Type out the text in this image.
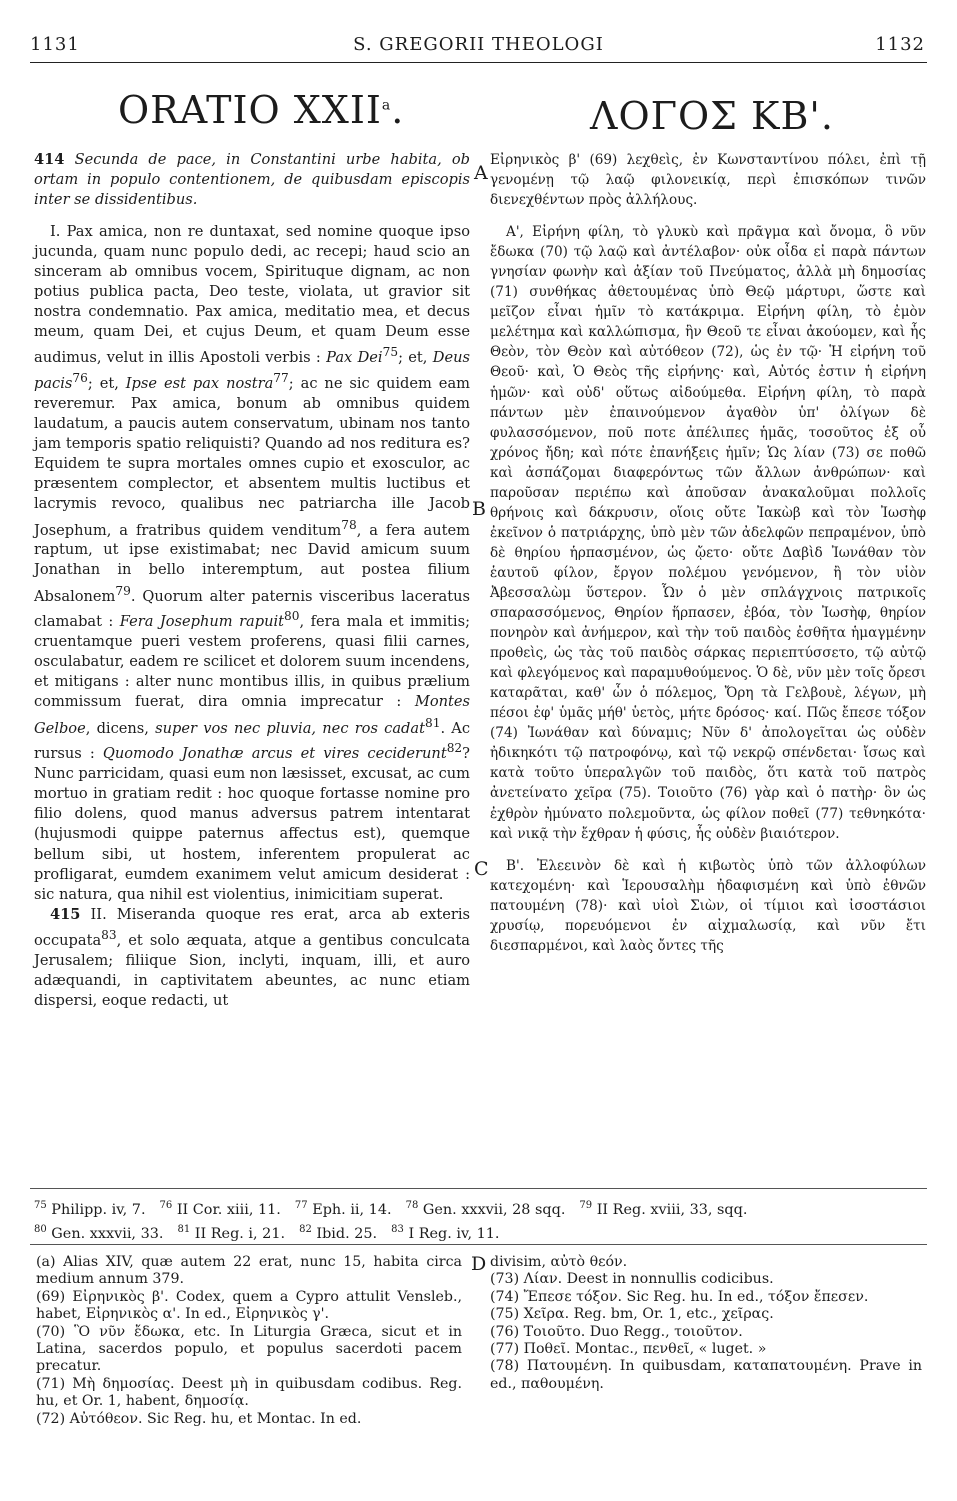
1131	S. GREGORII THEOLOGI	1132
ORATIO XXII$^a$.	ΛΟΓΟΣ ΚΒ'.
A
B
C
D

414 Secunda de pace, in Constantini urbe habita, ob ortam in populo contentionem, de quibusdam episcopis inter se dissidentibus.

I. Pax amica, non re duntaxat, sed nomine quoque ipso jucunda, quam nunc populo dedi, ac recepi; haud scio an sinceram ab omnibus vocem, Spirituque dignam, ac non potius publica pacta, Deo teste, violata, ut gravior sit nostra condemnatio. Pax amica, meditatio mea, et decus meum, quam Dei, et cujus Deum, et quam Deum esse audimus, velut in illis Apostoli verbis : Pax Dei$^{75}$; et, Deus pacis$^{76}$; et, Ipse est pax nostra$^{77}$; ac ne sic quidem eam reveremur. Pax amica, bonum ab omnibus quidem laudatum, a paucis autem conservatum, ubinam nos tanto jam temporis spatio reliquisti? Quando ad nos reditura es? Equidem te supra mortales omnes cupio et exosculor, ac præsentem complector, et absentem multis luctibus et lacrymis revoco, qualibus nec patriarcha ille Jacob Josephum, a fratribus quidem venditum$^{78}$, a fera autem raptum, ut ipse existimabat; nec David amicum suum Jonathan in bello interemptum, aut postea filium Absalonem$^{79}$. Quorum alter paternis visceribus laceratus clamabat : Fera Josephum rapuit$^{80}$, fera mala et immitis; cruentamque pueri vestem proferens, quasi filii carnes, osculabatur, eadem re scilicet et dolorem suum incendens, et mitigans : alter nunc montibus illis, in quibus prælium commissum fuerat, dira omnia imprecatur : Montes Gelboe, dicens, super vos nec pluvia, nec ros cadat$^{81}$. Ac rursus : Quomodo Jonathæ arcus et vires ceciderunt$^{82}$? Nunc parricidam, quasi eum non læsisset, excusat, ac cum mortuo in gratiam redit : hoc quoque fortasse nomine pro filio dolens, quod manus adversus patrem intentarat (hujusmodi quippe paternus affectus est), quemque bellum sibi, ut hostem, inferentem propulerat ac profligarat, eumdem exanimem velut amicum desiderat : sic natura, qua nihil est violentius, inimicitiam superat.

415 II. Miseranda quoque res erat, arca ab exteris occupata$^{83}$, et solo æquata, atque a gentibus conculcata Jerusalem; filiique Sion, inclyti, inquam, illi, et auro adæquandi, in captivitatem abeuntes, ac nunc etiam dispersi, eoque redacti, ut

Εἰρηνικὸς β' (69) λεχθεὶς, ἐν Κωνσταντίνου πόλει, ἐπὶ τῇ γενομένῃ τῷ λαῷ φιλονεικίᾳ, περὶ ἐπισκόπων τινῶν διενεχθέντων πρὸς ἀλλήλους.

Α', Εἰρήνη φίλη, τὸ γλυκὺ καὶ πρᾶγμα καὶ ὄνομα, ὃ νῦν ἔδωκα (70) τῷ λαῷ καὶ ἀντέλαβον· οὐκ οἶδα εἰ παρὰ πάντων γνησίαν φωνὴν καὶ ἀξίαν τοῦ Πνεύματος, ἀλλὰ μὴ δημοσίας (71) συνθήκας ἀθετουμένας ὑπὸ Θεῷ μάρτυρι, ὥστε καὶ μεῖζον εἶναι ἡμῖν τὸ κατάκριμα. Εἰρήνη φίλη, τὸ ἐμὸν μελέτημα καὶ καλλώπισμα, ἣν Θεοῦ τε εἶναι ἀκούομεν, καὶ ἧς Θεὸν, τὸν Θεὸν καὶ αὐτόθεον (72), ὡς ἐν τῷ· Ἡ εἰρήνη τοῦ Θεοῦ· καὶ, Ὁ Θεὸς τῆς εἰρήνης· καὶ, Αὐτός ἐστιν ἡ εἰρήνη ἡμῶν· καὶ οὐδ' οὕτως αἰδούμεθα. Εἰρήνη φίλη, τὸ παρὰ πάντων μὲν ἐπαινούμενον ἀγαθὸν ὑπ' ὀλίγων δὲ φυλασσόμενον, ποῦ ποτε ἀπέλιπες ἡμᾶς, τοσοῦτος ἐξ οὗ χρόνος ἤδη; καὶ πότε ἐπανήξεις ἡμῖν; Ὡς λίαν (73) σε ποθῶ καὶ ἀσπάζομαι διαφερόντως τῶν ἄλλων ἀνθρώπων· καὶ παροῦσαν περιέπω καὶ ἀποῦσαν ἀνακαλοῦμαι πολλοῖς θρήνοις καὶ δάκρυσιν, οἵοις οὔτε Ἰακὼβ καὶ τὸν Ἰωσὴφ ἐκεῖνον ὁ πατριάρχης, ὑπὸ μὲν τῶν ἀδελφῶν πεπραμένον, ὑπὸ δὲ θηρίου ἡρπασμένον, ὡς ᾤετο· οὔτε Δαβὶδ Ἰωνάθαν τὸν ἑαυτοῦ φίλον, ἔργον πολέμου γενόμενον, ἢ τὸν υἱὸν Ἀβεσσαλὼμ ὕστερον. Ὧν ὁ μὲν σπλάγχνοις πατρικοῖς σπαρασσόμενος, Θηρίον ἥρπασεν, ἐβόα, τὸν Ἰωσὴφ, θηρίον πονηρὸν καὶ ἀνήμερον, καὶ τὴν τοῦ παιδὸς ἐσθῆτα ἡμαγμένην προθεὶς, ὡς τὰς τοῦ παιδὸς σάρκας περιεπτύσσετο, τῷ αὐτῷ καὶ φλεγόμενος καὶ παραμυθούμενος. Ὁ δὲ, νῦν μὲν τοῖς ὄρεσι καταρᾶται, καθ' ὧν ὁ πόλεμος, Ὄρη τὰ Γελβουὲ, λέγων, μὴ πέσοι ἐφ' ὑμᾶς μήθ' ὑετὸς, μήτε δρόσος· καί. Πῶς ἔπεσε τόξον (74) Ἰωνάθαν καὶ δύναμις; Νῦν δ' ἀπολογεῖται ὡς οὐδὲν ἠδικηκότι τῷ πατροφόνῳ, καὶ τῷ νεκρῷ σπένδεται· ἴσως καὶ κατὰ τοῦτο ὑπεραλγῶν τοῦ παιδὸς, ὅτι κατὰ τοῦ πατρὸς ἀνετείνατο χεῖρα (75). Τοιοῦτο (76) γὰρ καὶ ὁ πατὴρ· ὃν ὡς ἐχθρὸν ἠμύνατο πολεμοῦντα, ὡς φίλον ποθεῖ (77) τεθνηκότα· καὶ νικᾷ τὴν ἔχθραν ἡ φύσις, ἧς οὐδὲν βιαιότερον.

Β'. Ἐλεεινὸν δὲ καὶ ἡ κιβωτὸς ὑπὸ τῶν ἀλλοφύλων κατεχομένη· καὶ Ἱερουσαλὴμ ἠδαφισμένη καὶ ὑπὸ ἐθνῶν πατουμένη (78)· καὶ υἱοὶ Σιὼν, οἱ τίμιοι καὶ ἰσοστάσιοι χρυσίῳ, πορευόμενοι ἐν αἰχμαλωσίᾳ, καὶ νῦν ἔτι διεσπαρμένοι, καὶ λαὸς ὄντες τῆς

$^{75}$ Philipp. iv, 7. $^{76}$ II Cor. xiii, 11. $^{77}$ Eph. ii, 14. $^{78}$ Gen. xxxvii, 28 sqq. $^{79}$ II Reg. xviii, 33, sqq.
$^{80}$ Gen. xxxvii, 33. $^{81}$ II Reg. i, 21. $^{82}$ Ibid. 25. $^{83}$ I Reg. iv, 11.

(a) Alias XIV, quæ autem 22 erat, nunc 15, habita circa medium annum 379.

(69) Εἰρηνικὸς β'. Codex, quem a Cypro attulit Vensleb., habet, Εἰρηνικὸς α'. In ed., Εἰρηνικὸς γ'.

(70) Ὃ νῦν ἔδωκα, etc. In Liturgia Græca, sicut et in Latina, sacerdos populo, et populus sacerdoti pacem precatur.

(71) Μὴ δημοσίας. Deest μὴ in quibusdam codibus. Reg. hu, et Or. 1, habent, δημοσίᾳ.

(72) Αὐτόθεον. Sic Reg. hu, et Montac. In ed.

divisim, αὐτὸ θεόν.

(73) Λίαν. Deest in nonnullis codicibus.

(74) Ἔπεσε τόξον. Sic Reg. hu. In ed., τόξον ἔπεσεν.

(75) Χεῖρα. Reg. bm, Or. 1, etc., χεῖρας.

(76) Τοιοῦτο. Duo Regg., τοιοῦτον.

(77) Ποθεῖ. Montac., πενθεῖ, « luget. »

(78) Πατουμένη. In quibusdam, καταπατουμένη. Prave in ed., παθουμένη.
